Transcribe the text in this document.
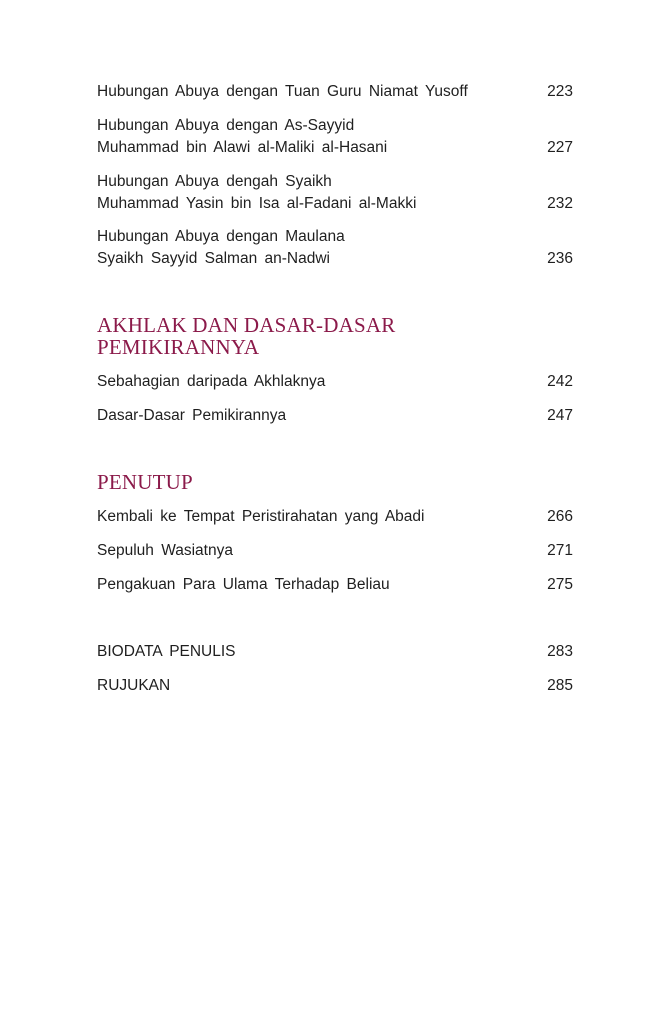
Hubungan Abuya dengan Tuan Guru Niamat Yusoff	223
Hubungan Abuya dengan As-Sayyid
Muhammad bin Alawi al-Maliki al-Hasani	227
Hubungan Abuya dengah Syaikh
Muhammad Yasin bin Isa al-Fadani al-Makki	232
Hubungan Abuya dengan Maulana
Syaikh Sayyid Salman an-Nadwi	236
AKHLAK DAN DASAR-DASAR
PEMIKIRANNYA
Sebahagian daripada Akhlaknya	242
Dasar-Dasar Pemikirannya	247
PENUTUP
Kembali ke Tempat Peristirahatan yang Abadi	266
Sepuluh Wasiatnya	271
Pengakuan Para Ulama Terhadap Beliau	275
BIODATA PENULIS	283
RUJUKAN	285
